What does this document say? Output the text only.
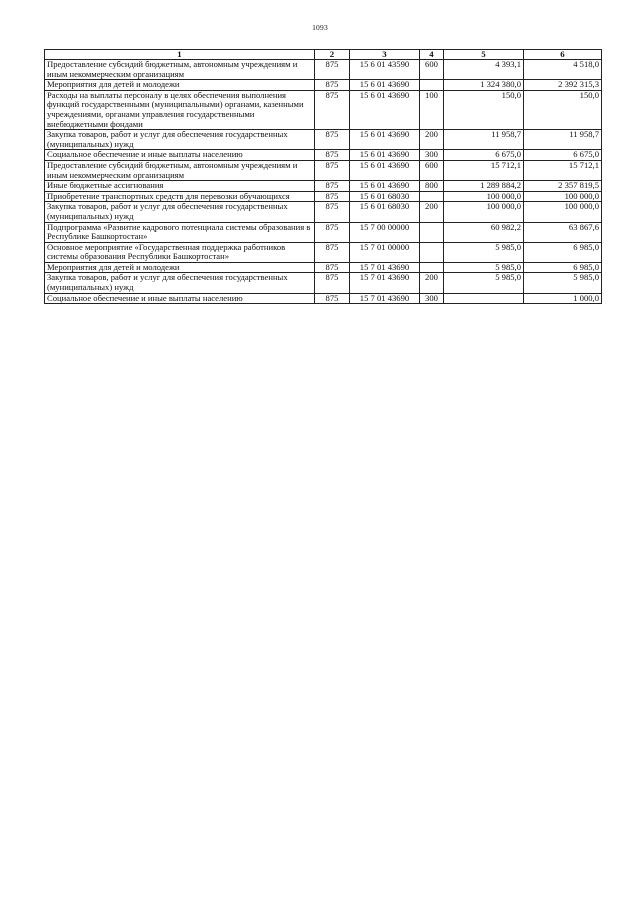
1093
1	2	3	4	5	6
Предоставление субсидий бюджетным, автономным учреждениям и иным некоммерческим организациям	875	15 6 01 43590	600	4 393,1	4 518,0
Мероприятия для детей и молодежи	875	15 6 01 43690		1 324 380,0	2 392 315,3
Расходы на выплаты персоналу в целях обеспечения выполнения функций государственными (муниципальными) органами, казенными учреждениями, органами управления государственными внебюджетными фондами	875	15 6 01 43690	100	150,0	150,0
Закупка товаров, работ и услуг для обеспечения государственных (муниципальных) нужд	875	15 6 01 43690	200	11 958,7	11 958,7
Социальное обеспечение и иные выплаты населению	875	15 6 01 43690	300	6 675,0	6 675,0
Предоставление субсидий бюджетным, автономным учреждениям и иным некоммерческим организациям	875	15 6 01 43690	600	15 712,1	15 712,1
Иные бюджетные ассигнования	875	15 6 01 43690	800	1 289 884,2	2 357 819,5
Приобретение транспортных средств для перевозки обучающихся	875	15 6 01 68030		100 000,0	100 000,0
Закупка товаров, работ и услуг для обеспечения государственных (муниципальных) нужд	875	15 6 01 68030	200	100 000,0	100 000,0
Подпрограмма «Развитие кадрового потенциала системы образования в Республике Башкортостан»	875	15 7 00 00000		60 982,2	63 867,6
Основное мероприятие «Государственная поддержка работников системы образования Республики Башкортостан»	875	15 7 01 00000		5 985,0	6 985,0
Мероприятия для детей и молодежи	875	15 7 01 43690		5 985,0	6 985,0
Закупка товаров, работ и услуг для обеспечения государственных (муниципальных) нужд	875	15 7 01 43690	200	5 985,0	5 985,0
Социальное обеспечение и иные выплаты населению	875	15 7 01 43690	300		1 000,0
